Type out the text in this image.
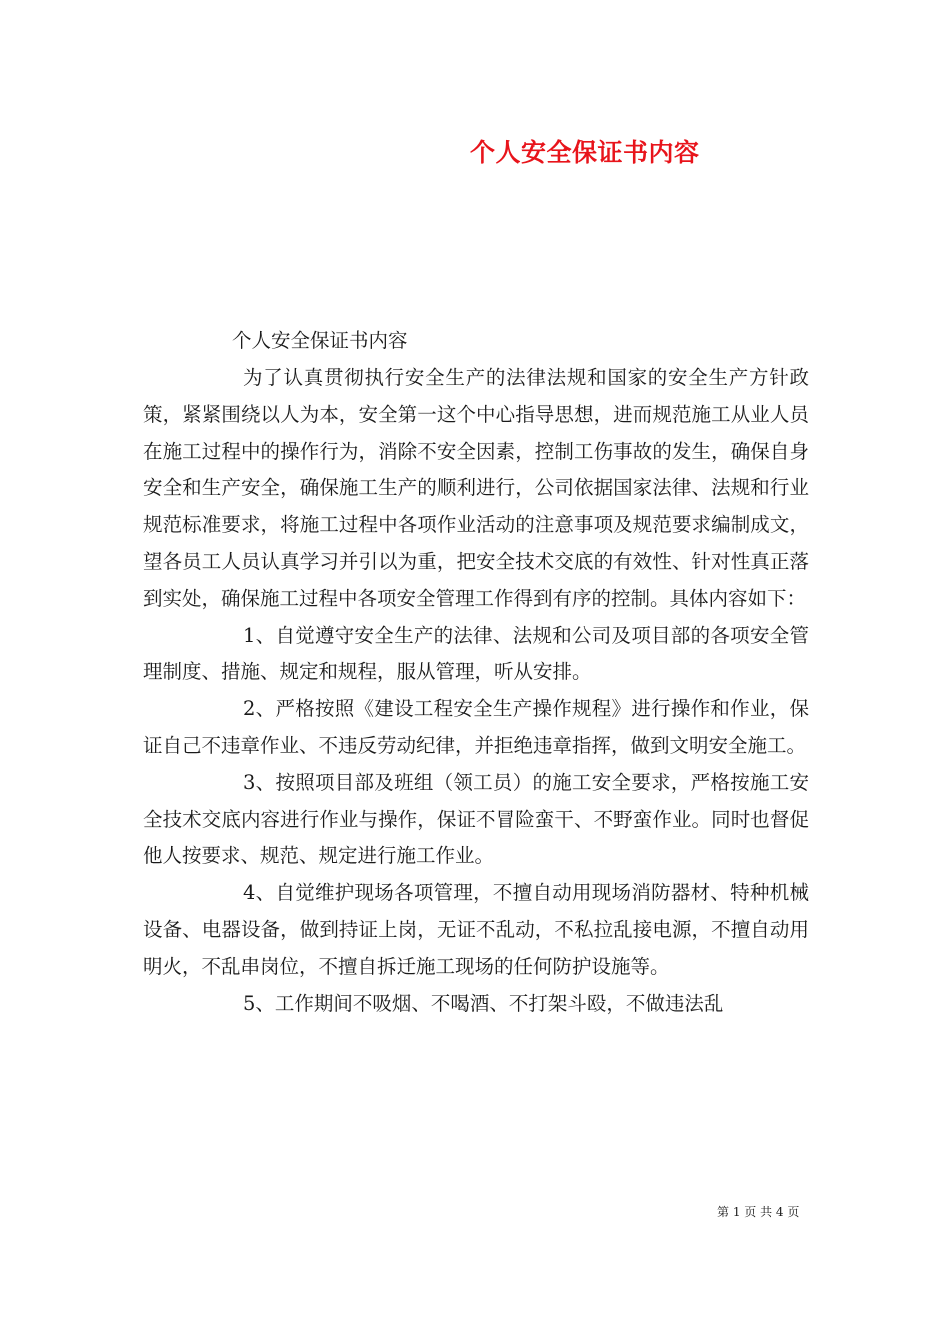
个人安全保证书内容
个人安全保证书内容

为了认真贯彻执行安全生产的法律法规和国家的安全生产方针政策，紧紧围绕以人为本，安全第一这个中心指导思想，进而规范施工从业人员在施工过程中的操作行为，消除不安全因素，控制工伤事故的发生，确保自身安全和生产安全，确保施工生产的顺利进行，公司依据国家法律、法规和行业规范标准要求，将施工过程中各项作业活动的注意事项及规范要求编制成文，望各员工人员认真学习并引以为重，把安全技术交底的有效性、针对性真正落到实处，确保施工过程中各项安全管理工作得到有序的控制。具体内容如下：

1、自觉遵守安全生产的法律、法规和公司及项目部的各项安全管理制度、措施、规定和规程，服从管理，听从安排。

2、严格按照《建设工程安全生产操作规程》进行操作和作业，保证自己不违章作业、不违反劳动纪律，并拒绝违章指挥，做到文明安全施工。

3、按照项目部及班组（领工员）的施工安全要求，严格按施工安全技术交底内容进行作业与操作，保证不冒险蛮干、不野蛮作业。同时也督促他人按要求、规范、规定进行施工作业。

4、自觉维护现场各项管理，不擅自动用现场消防器材、特种机械设备、电器设备，做到持证上岗，无证不乱动，不私拉乱接电源，不擅自动用明火，不乱串岗位，不擅自拆迁施工现场的任何防护设施等。

5、工作期间不吸烟、不喝酒、不打架斗殴，不做违法乱

第 1 页 共 4 页
